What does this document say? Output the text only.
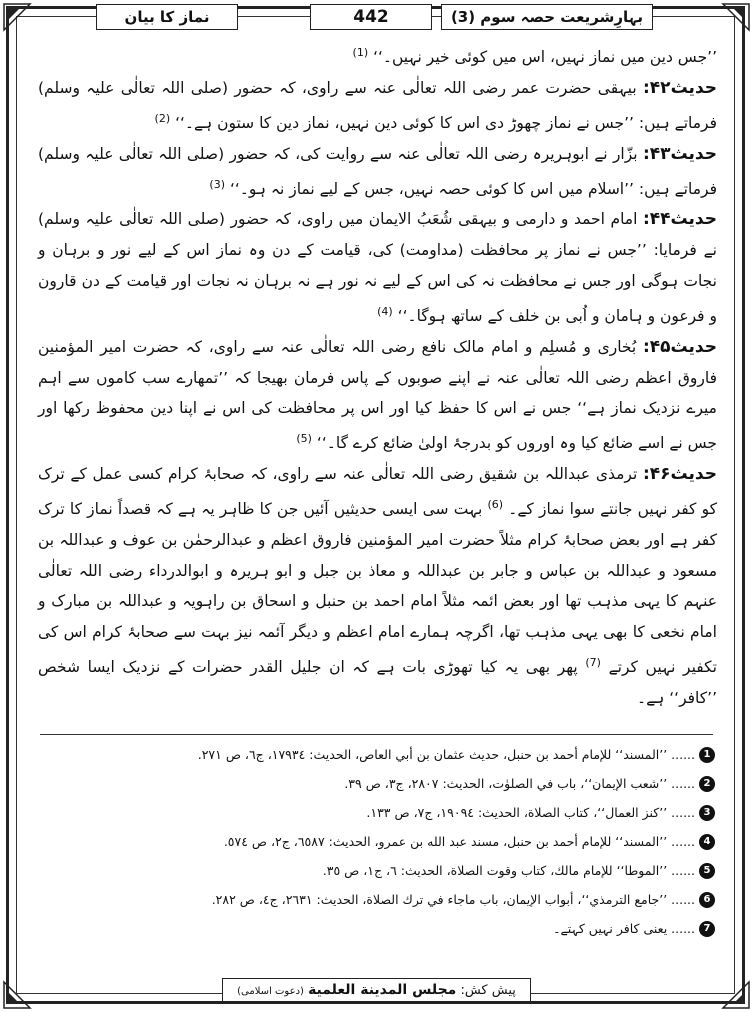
بہارِشریعت حصہ سوم (3)
442
نماز کا بیان

’’جس دین میں نماز نہیں، اس میں کوئی خیر نہیں۔‘‘ $^{(1)}$

حدیث۴۲: بیہقی حضرت عمر رضی اللہ تعالٰی عنہ سے راوی، کہ حضور (صلی اللہ تعالٰی علیہ وسلم) فرماتے ہیں: ’’جس نے نماز چھوڑ دی اس کا کوئی دین نہیں، نماز دین کا ستون ہے۔‘‘ $^{(2)}$

حدیث۴۳: بزّار نے ابوہریرہ رضی اللہ تعالٰی عنہ سے روایت کی، کہ حضور (صلی اللہ تعالٰی علیہ وسلم) فرماتے ہیں: ’’اسلام میں اس کا کوئی حصہ نہیں، جس کے لیے نماز نہ ہو۔‘‘ $^{(3)}$

حدیث۴۴: امام احمد و دارمی و بیہقی شُعَبُ الایمان میں راوی، کہ حضور (صلی اللہ تعالٰی علیہ وسلم) نے فرمایا: ’’جس نے نماز پر محافظت (مداومت) کی، قیامت کے دن وہ نماز اس کے لیے نور و برہان و نجات ہوگی اور جس نے محافظت نہ کی اس کے لیے نہ نور ہے نہ برہان نہ نجات اور قیامت کے دن قارون و فرعون و ہامان و اُبی بن خلف کے ساتھ ہوگا۔‘‘ $^{(4)}$

حدیث۴۵: بُخاری و مُسلِم و امام مالک نافع رضی اللہ تعالٰی عنہ سے راوی، کہ حضرت امیر المؤمنین فاروق اعظم رضی اللہ تعالٰی عنہ نے اپنے صوبوں کے پاس فرمان بھیجا کہ ’’تمھارے سب کاموں سے اہم میرے نزدیک نماز ہے‘‘ جس نے اس کا حفظ کیا اور اس پر محافظت کی اس نے اپنا دین محفوظ رکھا اور جس نے اسے ضائع کیا وہ اوروں کو بدرجۂ اولیٰ ضائع کرے گا۔‘‘ $^{(5)}$

حدیث۴۶: ترمذی عبداللہ بن شقیق رضی اللہ تعالٰی عنہ سے راوی، کہ صحابۂ کرام کسی عمل کے ترک کو کفر نہیں جانتے سوا نماز کے۔ $^{(6)}$ بہت سی ایسی حدیثیں آئیں جن کا ظاہر یہ ہے کہ قصداً نماز کا ترک کفر ہے اور بعض صحابۂ کرام مثلاً حضرت امیر المؤمنین فاروق اعظم و عبدالرحمٰن بن عوف و عبداللہ بن مسعود و عبداللہ بن عباس و جابر بن عبداللہ و معاذ بن جبل و ابو ہریرہ و ابوالدرداء رضی اللہ تعالٰی عنہم کا یہی مذہب تھا اور بعض ائمہ مثلاً امام احمد بن حنبل و اسحاق بن راہویہ و عبداللہ بن مبارک و امام نخعی کا بھی یہی مذہب تھا، اگرچہ ہمارے امام اعظم و دیگر آئمہ نیز بہت سے صحابۂ کرام اس کی تکفیر نہیں کرتے $^{(7)}$ پھر بھی یہ کیا تھوڑی بات ہے کہ ان جلیل القدر حضرات کے نزدیک ایسا شخص ’’کافر‘‘ ہے۔

1
...... ’’المسند‘‘ للإمام أحمد بن حنبل، حديث عثمان بن أبي العاص، الحديث: ١٧٩٣٤، ج٦، ص ٢٧١.
2
...... ’’شعب الإيمان‘‘، باب في الصلوٰت، الحديث: ٢٨٠٧، ج٣، ص ٣٩.
3
...... ’’كنز العمال‘‘، كتاب الصلاة، الحديث: ١٩٠٩٤، ج٧، ص ١٣٣.
4
...... ’’المسند‘‘ للإمام أحمد بن حنبل، مسند عبد الله بن عمرو، الحديث: ٦٥٨٧، ج٢، ص ٥٧٤.
5
...... ’’الموطا‘‘ للإمام مالك، كتاب وقوت الصلاة، الحديث: ٦، ج١، ص ٣٥.
6
...... ’’جامع الترمذي‘‘، أبواب الإيمان، باب ماجاء في ترك الصلاة، الحديث: ٢٦٣١، ج٤، ص ٢٨٢.
7
...... یعنی کافر نہیں کہتے۔
پیش کش: مجلس المدینة العلمیة (دعوت اسلامی)
